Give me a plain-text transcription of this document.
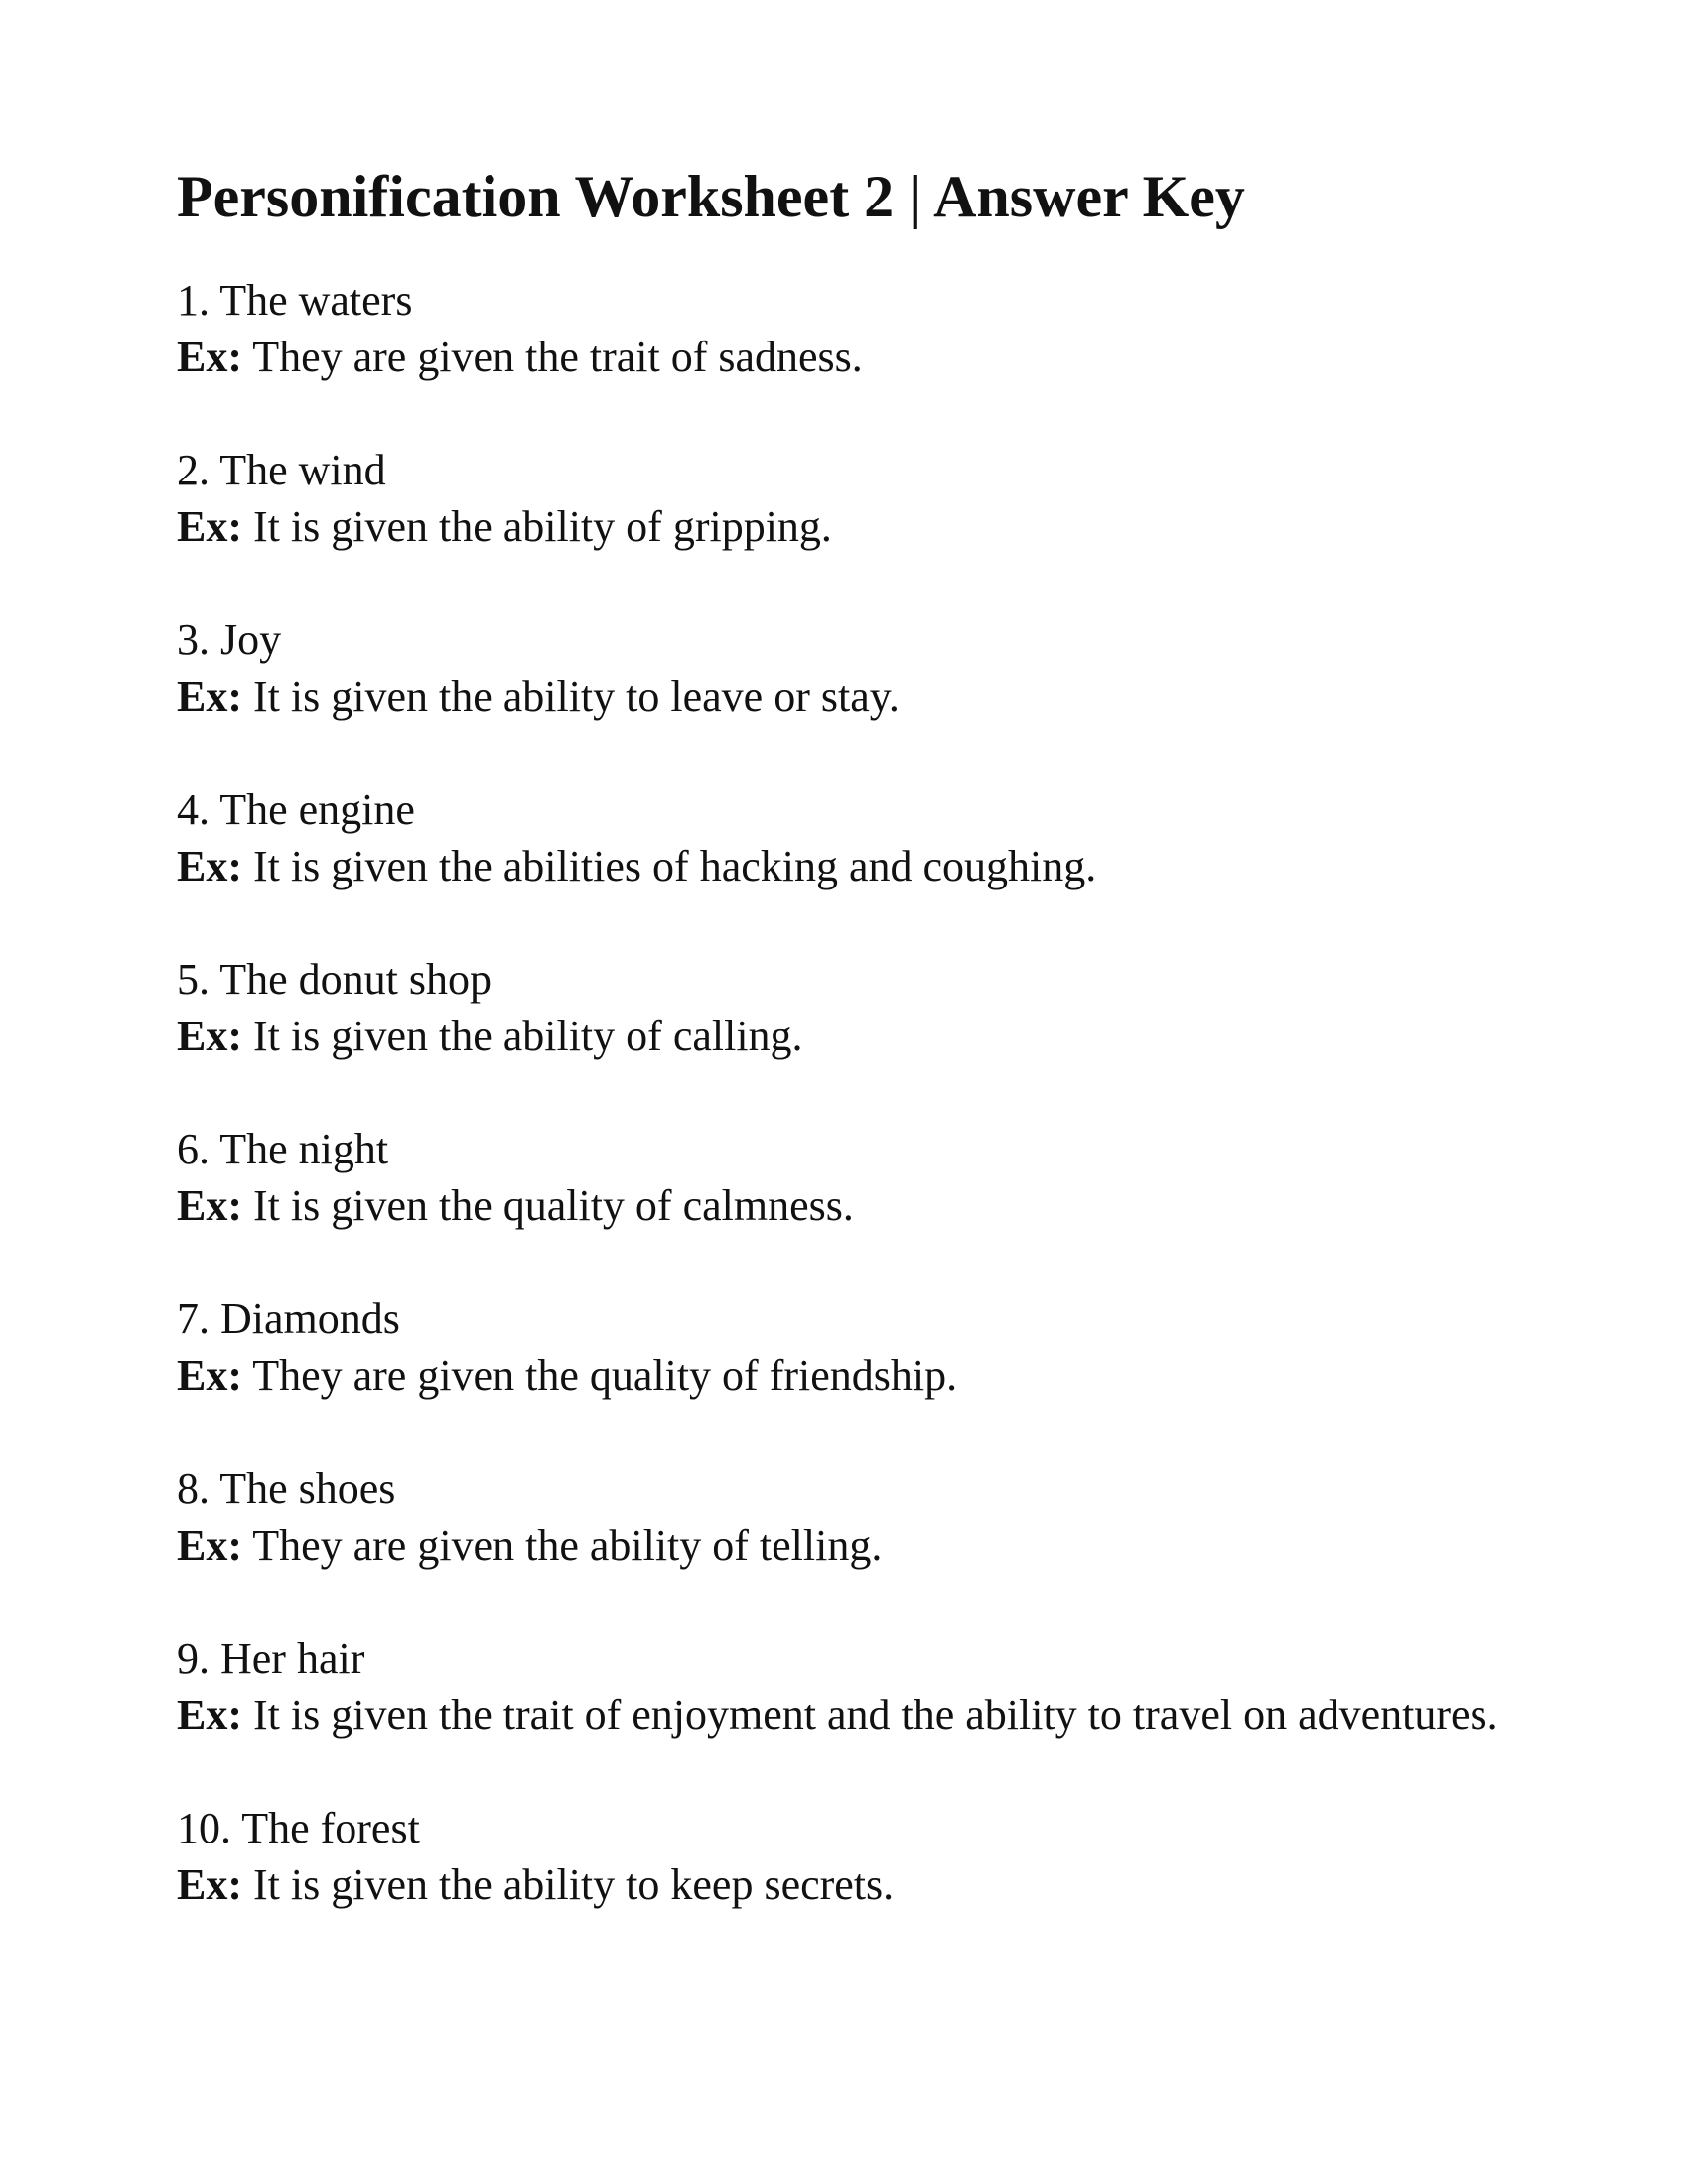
Personification Worksheet 2 | Answer Key
1. The waters
Ex: They are given the trait of sadness.
2. The wind
Ex: It is given the ability of gripping.
3. Joy
Ex: It is given the ability to leave or stay.
4. The engine
Ex: It is given the abilities of hacking and coughing.
5. The donut shop
Ex: It is given the ability of calling.
6. The night
Ex: It is given the quality of calmness.
7. Diamonds
Ex: They are given the quality of friendship.
8. The shoes
Ex: They are given the ability of telling.
9. Her hair
Ex: It is given the trait of enjoyment and the ability to travel on adventures.
10. The forest
Ex: It is given the ability to keep secrets.
